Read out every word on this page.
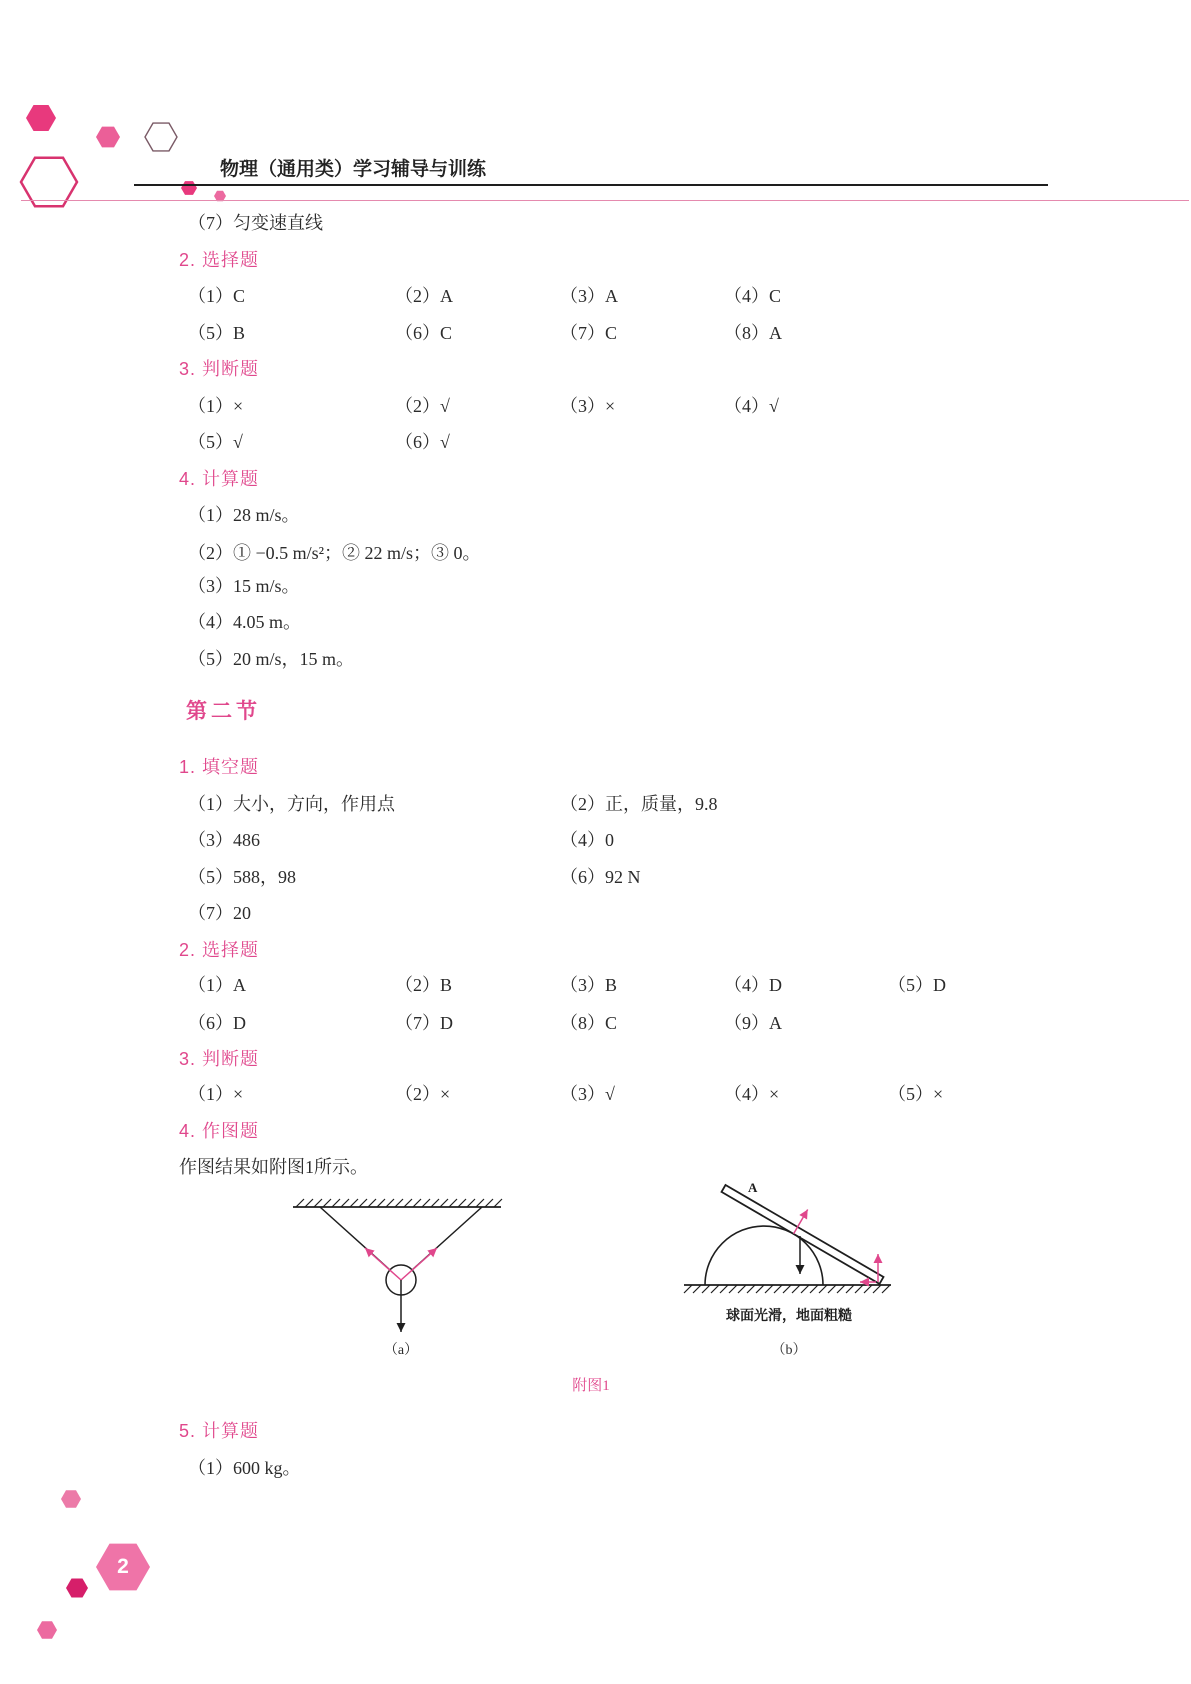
物理（通用类）学习辅导与训练
（7）匀变速直线
2. 选择题
（1）C	（2）A	（3）A	（4）C
（5）B	（6）C	（7）C	（8）A
3. 判断题
（1）×	（2）√	（3）×	（4）√
（5）√	（6）√
4. 计算题
（1）28 m/s。
（2）① −0.5 m/s²；② 22 m/s；③ 0。
（3）15 m/s。
（4）4.05 m。
（5）20 m/s，15 m。
第二节
1. 填空题
（1）大小，方向，作用点	（2）正，质量，9.8
（3）486	（4）0
（5）588，98	（6）92 N
（7）20
2. 选择题
（1）A	（2）B	（3）B	（4）D	（5）D
（6）D	（7）D	（8）C	（9）A
3. 判断题
（1）×	（2）×	（3）√	（4）×	（5）×
4. 作图题
作图结果如附图1所示。
（a）
A
球面光滑，地面粗糙
（b）
附图1
5. 计算题
（1）600 kg。
2
